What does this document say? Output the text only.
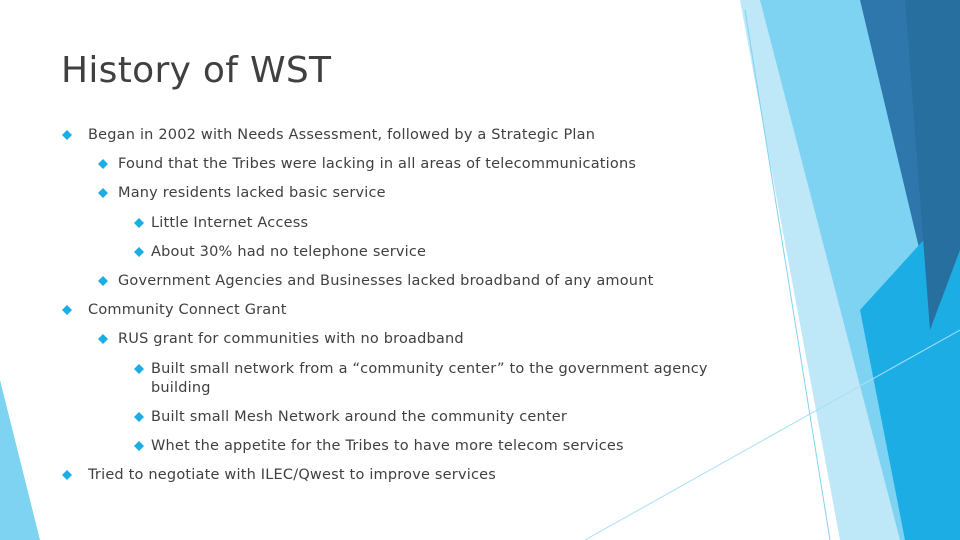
History of WST
Began in 2002 with Needs Assessment, followed by a Strategic Plan
Found that the Tribes were lacking in all areas of telecommunications
Many residents lacked basic service
Little Internet Access
About 30% had no telephone service
Government Agencies and Businesses lacked broadband of any amount
Community Connect Grant
RUS grant for communities with no broadband
Built small network from a “community center” to the government agency building
Built small Mesh Network around the community center
Whet the appetite for the Tribes to have more telecom services
Tried to negotiate with ILEC/Qwest to improve services
